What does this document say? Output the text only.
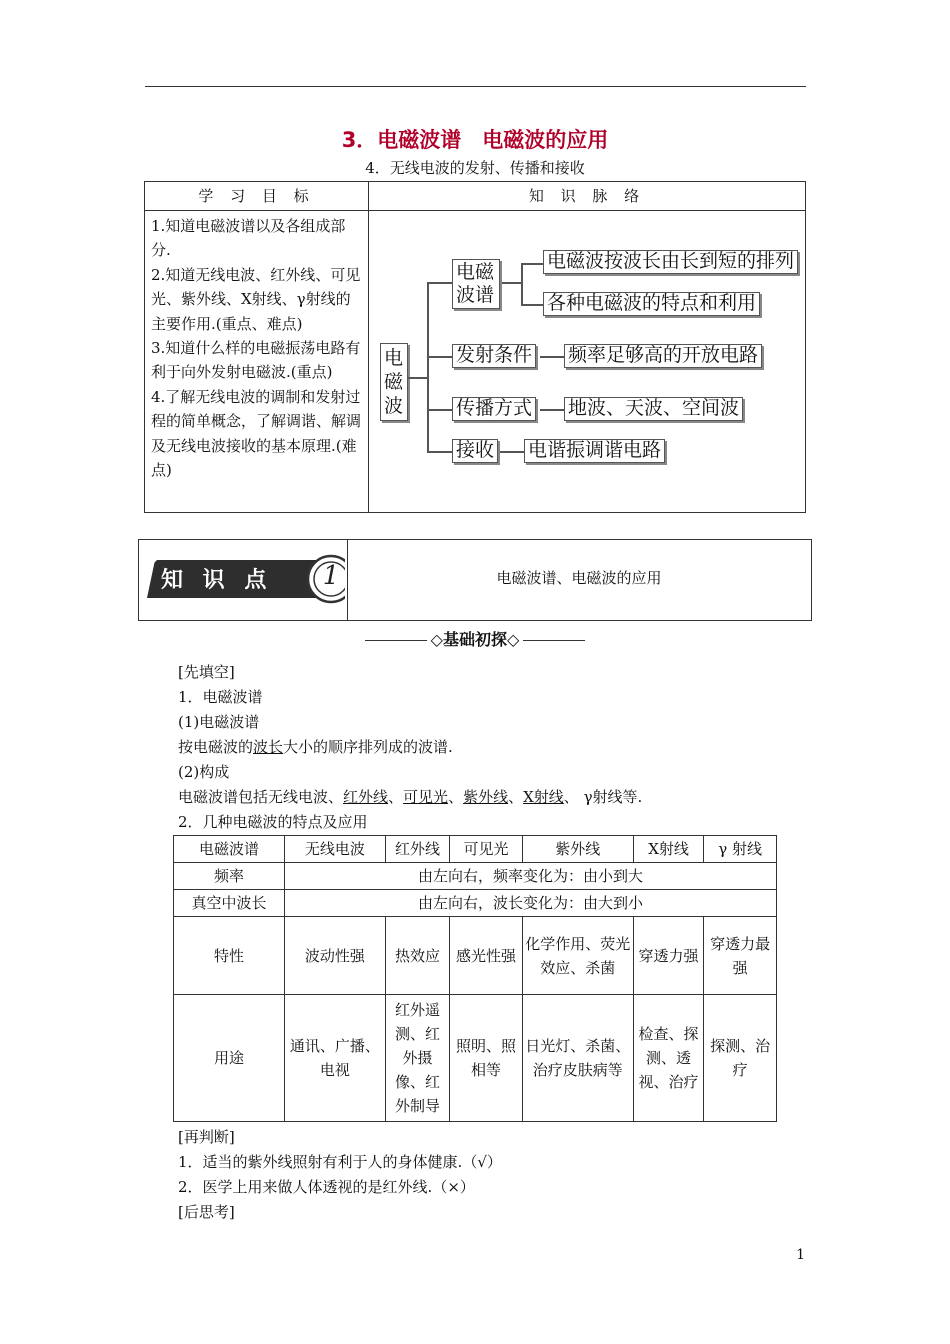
3．电磁波谱　电磁波的应用
4．无线电波的发射、传播和接收
学 习 目 标	知 识 脉 络

1.知道电磁波谱以及各组成部分.

2.知道无线电波、红外线、可见光、紫外线、X射线、γ射线的主要作用.(重点、难点)

3.知道什么样的电磁振荡电路有利于向外发射电磁波.(重点)

4.了解无线电波的调制和发射过程的简单概念，了解调谐、解调及无线电波接收的基本原理.(难点)

电磁波
电磁波谱
电磁波按波长由长到短的排列
各种电磁波的特点和利用
发射条件 频率足够高的开放电路
传播方式 地波、天波、空间波
接收 电谐振调谐电路
知 识 点 1	电磁波谱、电磁波的应用
◇基础初探◇
[先填空]
1．电磁波谱
(1)电磁波谱
按电磁波的波长大小的顺序排列成的波谱.
(2)构成
电磁波谱包括无线电波、红外线、可见光、紫外线、X射线、 γ射线等.
2．几种电磁波的特点及应用
电磁波谱	无线电波	红外线	可见光	紫外线	X射线	γ 射线
频率	由左向右，频率变化为：由小到大					
真空中波长	由左向右，波长变化为：由大到小					
特性	波动性强	热效应	感光性强	化学作用、荧光效应、杀菌	穿透力强	穿透力最强
用途	通讯、广播、电视	红外遥测、红外摄像、红外制导	照明、照相等	日光灯、杀菌、治疗皮肤病等	检查、探测、透视、治疗	探测、治疗
[再判断]
1．适当的紫外线照射有利于人的身体健康.（√）
2．医学上用来做人体透视的是红外线.（×）
[后思考]
1
